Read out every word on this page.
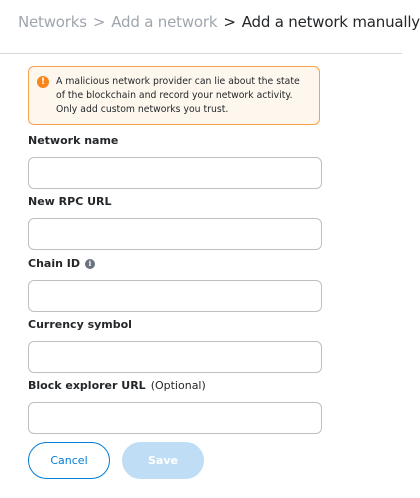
Networks > Add a network > Add a network manually
!	A malicious network provider can lie about the state of the blockchain and record your network activity. Only add custom networks you trust.
Network name
New RPC URL
Chain ID	i
Currency symbol
Block explorer URL (Optional)
Cancel	Save
